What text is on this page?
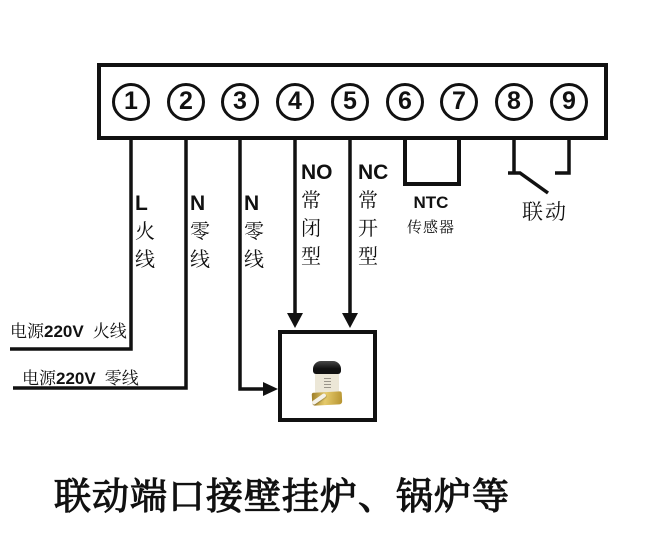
1	2	3	4	5	6	7	8	9
L
火线
N
零线
N
零线
NO
常闭型
NC
常开型
NTC
传感器
联动
电源220V 火线
电源220V 零线
联动端口接壁挂炉、锅炉等
